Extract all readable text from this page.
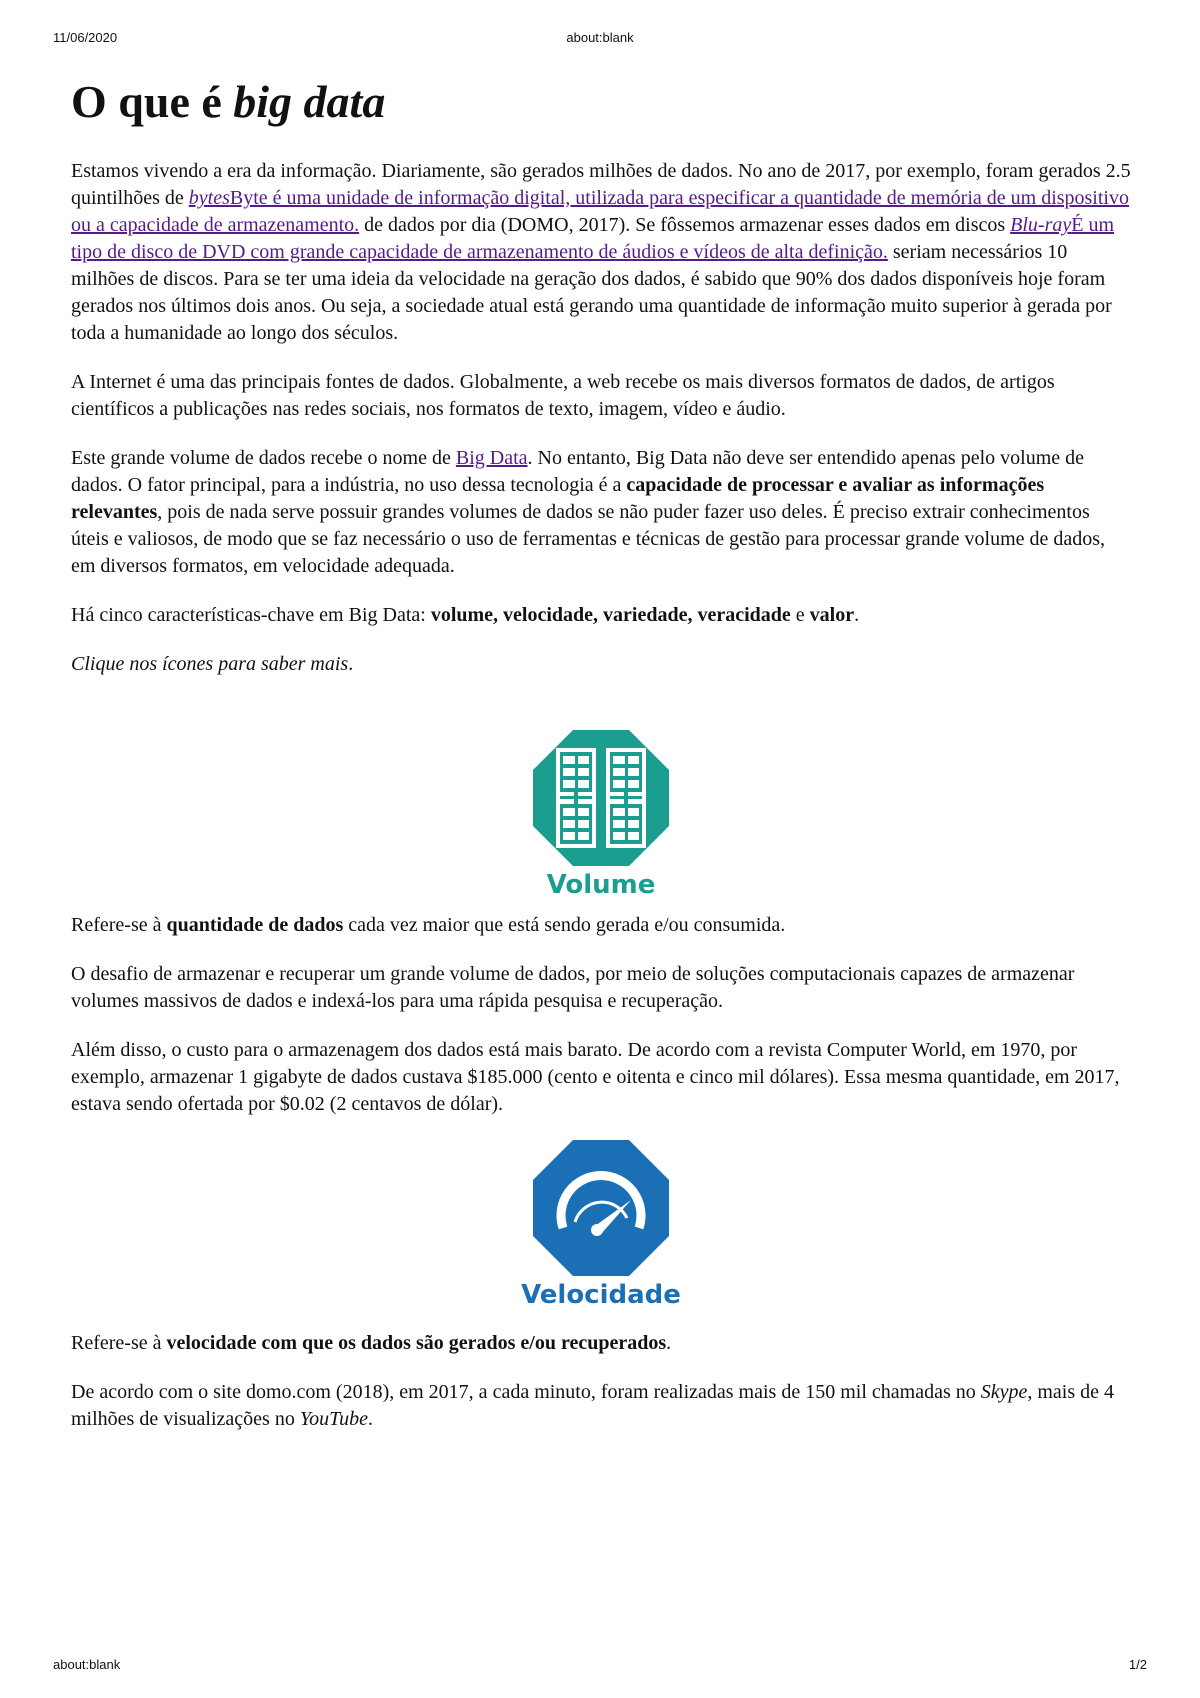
11/06/2020	about:blank
O que é big data

Estamos vivendo a era da informação. Diariamente, são gerados milhões de dados. No ano de 2017, por exemplo, foram gerados 2.5 quintilhões de bytesByte é uma unidade de informação digital, utilizada para especificar a quantidade de memória de um dispositivo ou a capacidade de armazenamento. de dados por dia (DOMO, 2017). Se fôssemos armazenar esses dados em discos Blu-rayÉ um tipo de disco de DVD com grande capacidade de armazenamento de áudios e vídeos de alta definição. seriam necessários 10 milhões de discos. Para se ter uma ideia da velocidade na geração dos dados, é sabido que 90% dos dados disponíveis hoje foram gerados nos últimos dois anos. Ou seja, a sociedade atual está gerando uma quantidade de informação muito superior à gerada por toda a humanidade ao longo dos séculos.

A Internet é uma das principais fontes de dados. Globalmente, a web recebe os mais diversos formatos de dados, de artigos científicos a publicações nas redes sociais, nos formatos de texto, imagem, vídeo e áudio.

Este grande volume de dados recebe o nome de Big Data. No entanto, Big Data não deve ser entendido apenas pelo volume de dados. O fator principal, para a indústria, no uso dessa tecnologia é a capacidade de processar e avaliar as informações relevantes, pois de nada serve possuir grandes volumes de dados se não puder fazer uso deles. É preciso extrair conhecimentos úteis e valiosos, de modo que se faz necessário o uso de ferramentas e técnicas de gestão para processar grande volume de dados, em diversos formatos, em velocidade adequada.

Há cinco características-chave em Big Data: volume, velocidade, variedade, veracidade e valor.

Clique nos ícones para saber mais.

Volume

Refere-se à quantidade de dados cada vez maior que está sendo gerada e/ou consumida.

O desafio de armazenar e recuperar um grande volume de dados, por meio de soluções computacionais capazes de armazenar volumes massivos de dados e indexá-los para uma rápida pesquisa e recuperação.

Além disso, o custo para o armazenagem dos dados está mais barato. De acordo com a revista Computer World, em 1970, por exemplo, armazenar 1 gigabyte de dados custava $185.000 (cento e oitenta e cinco mil dólares). Essa mesma quantidade, em 2017, estava sendo ofertada por $0.02 (2 centavos de dólar).

Velocidade

Refere-se à velocidade com que os dados são gerados e/ou recuperados.

De acordo com o site domo.com (2018), em 2017, a cada minuto, foram realizadas mais de 150 mil chamadas no Skype, mais de 4 milhões de visualizações no YouTube.

about:blank	1/2
